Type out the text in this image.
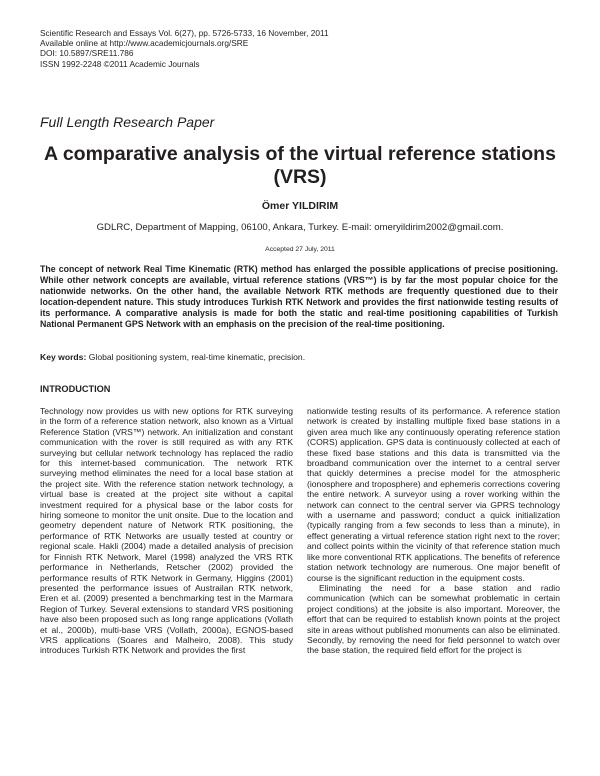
Scientific Research and Essays Vol. 6(27), pp. 5726-5733, 16 November, 2011
Available online at http://www.academicjournals.org/SRE
DOI: 10.5897/SRE11.786
ISSN 1992-2248 ©2011 Academic Journals
Full Length Research Paper
A comparative analysis of the virtual reference stations (VRS)
Ömer YILDIRIM
GDLRC, Department of Mapping, 06100, Ankara, Turkey. E-mail: omeryildirim2002@gmail.com.
Accepted 27 July, 2011
The concept of network Real Time Kinematic (RTK) method has enlarged the possible applications of precise positioning. While other network concepts are available, virtual reference stations (VRS™) is by far the most popular choice for the nationwide networks. On the other hand, the available Network RTK methods are frequently questioned due to their location-dependent nature. This study introduces Turkish RTK Network and provides the first nationwide testing results of its performance. A comparative analysis is made for both the static and real-time positioning capabilities of Turkish National Permanent GPS Network with an emphasis on the precision of the real-time positioning.
Key words: Global positioning system, real-time kinematic, precision.
INTRODUCTION

Technology now provides us with new options for RTK surveying in the form of a reference station network, also known as a Virtual Reference Station (VRS™) network. An initialization and constant communication with the rover is still required as with any RTK surveying but cellular network technology has replaced the radio for this internet-based communication. The network RTK surveying method eliminates the need for a local base station at the project site. With the reference station network technology, a virtual base is created at the project site without a capital investment required for a physical base or the labor costs for hiring someone to monitor the unit onsite. Due to the location and geometry dependent nature of Network RTK positioning, the performance of RTK Networks are usually tested at country or regional scale. Hakli (2004) made a detailed analysis of precision for Finnish RTK Network, Marel (1998) analyzed the VRS RTK performance in Netherlands, Retscher (2002) provided the performance results of RTK Network in Germany, Higgins (2001) presented the performance issues of Austrailan RTK network, Eren et al. (2009) presented a benchmarking test in the Marmara Region of Turkey. Several extensions to standard VRS positioning have also been proposed such as long range applications (Vollath et al., 2000b), multi-base VRS (Vollath, 2000a), EGNOS-based VRS applications (Soares and Malheiro, 2008). This study introduces Turkish RTK Network and provides the first

nationwide testing results of its performance. A reference station network is created by installing multiple fixed base stations in a given area much like any continuously operating reference station (CORS) application. GPS data is continuously collected at each of these fixed base stations and this data is transmitted via the broadband communication over the internet to a central server that quickly determines a precise model for the atmospheric (ionosphere and troposphere) and ephemeris corrections covering the entire network. A surveyor using a rover working within the network can connect to the central server via GPRS technology with a username and password; conduct a quick initialization (typically ranging from a few seconds to less than a minute), in effect generating a virtual reference station right next to the rover; and collect points within the vicinity of that reference station much like more conventional RTK applications. The benefits of reference station network technology are numerous. One major benefit of course is the significant reduction in the equipment costs.

Eliminating the need for a base station and radio communication (which can be somewhat problematic in certain project conditions) at the jobsite is also important. Moreover, the effort that can be required to establish known points at the project site in areas without published monuments can also be eliminated. Secondly, by removing the need for field personnel to watch over the base station, the required field effort for the project is
